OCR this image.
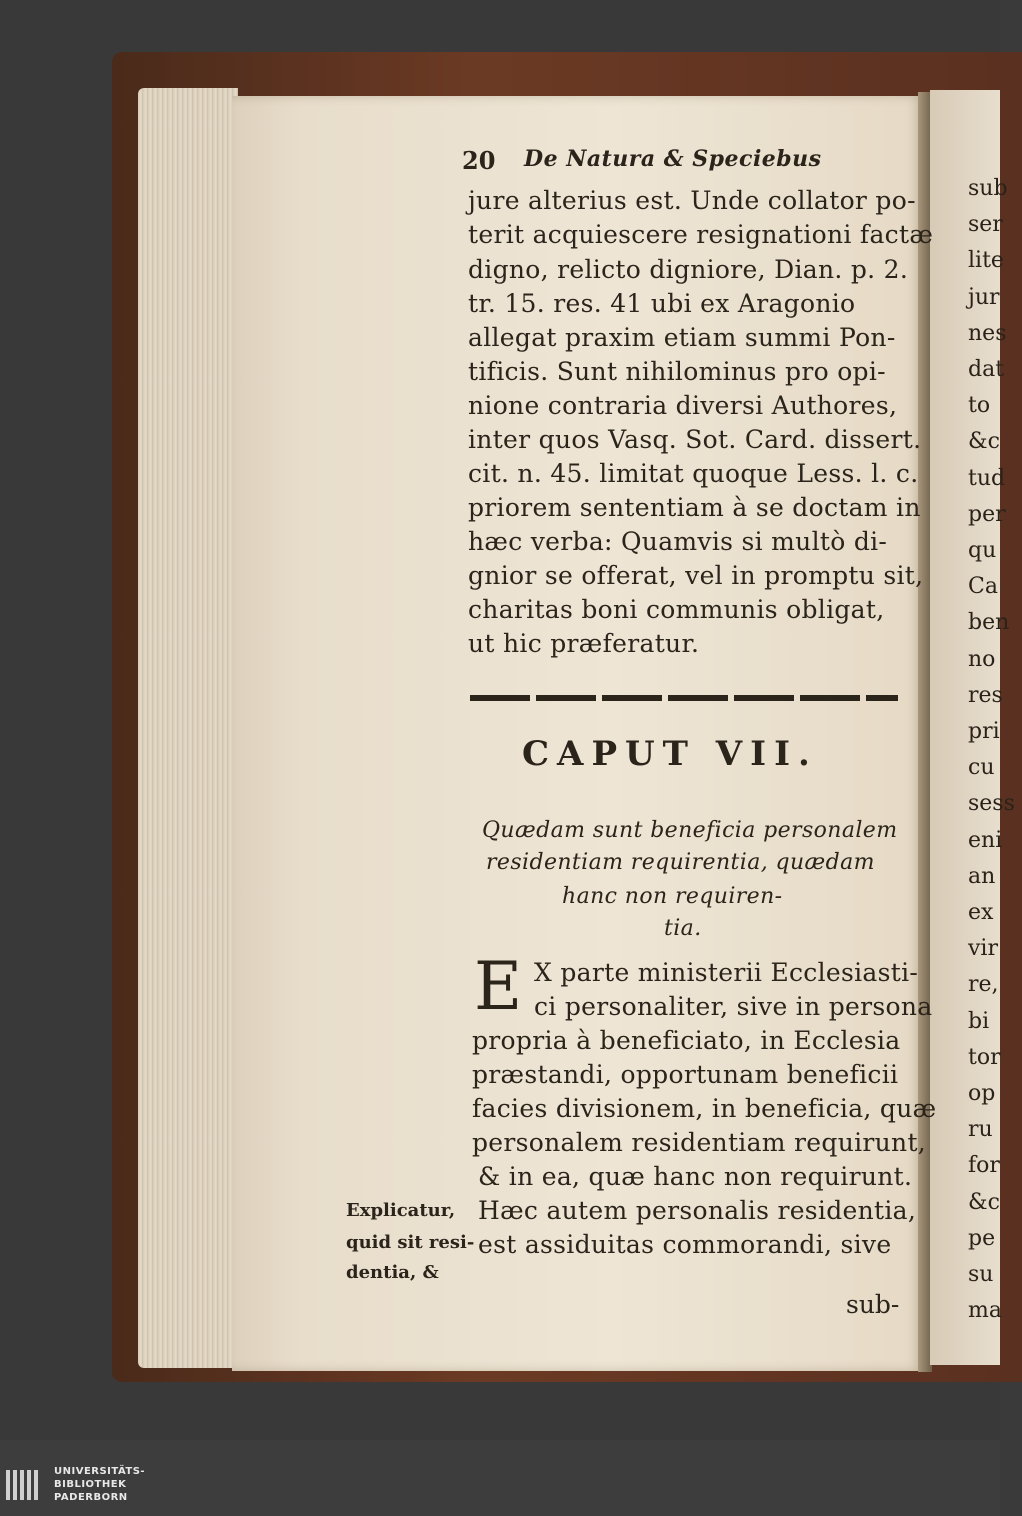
sub
ser
lite
jur
nes
dat
to
&c
tud
per
qu
Ca
ben
no
res
pri
cu
sess
eni
an
ex
vir
re,
bi
tor
op
ru
for
&c
pe
su
ma
20 De Natura & Speciebus
jure alterius est. Unde collator po-
terit acquiescere resignationi factæ
digno, relicto digniore, Dian. p. 2.
tr. 15. res. 41 ubi ex Aragonio
allegat praxim etiam summi Pon-
tificis. Sunt nihilominus pro opi-
nione contraria diversi Authores,
inter quos Vasq. Sot. Card. dissert.
cit. n. 45. limitat quoque Less. l. c.
priorem sententiam à se doctam in
hæc verba: Quamvis si multò di-
gnior se offerat, vel in promptu sit,
charitas boni communis obligat,
ut hic præferatur.
CAPUT VII.
Quædam sunt beneficia personalem
residentiam requirentia, quædam
hanc non requiren-
tia.
E X parte ministerii Ecclesiasti-
ci personaliter, sive in persona
propria à beneficiato, in Ecclesia
præstandi, opportunam beneficii
facies divisionem, in beneficia, quæ
personalem residentiam requirunt,
& in ea, quæ hanc non requirunt.
Hæc autem personalis residentia,
est assiduitas commorandi, sive
Explicatur,
quid sit resi-
dentia, &
sub-
UNIVERSITÄTS-
BIBLIOTHEK
PADERBORN
